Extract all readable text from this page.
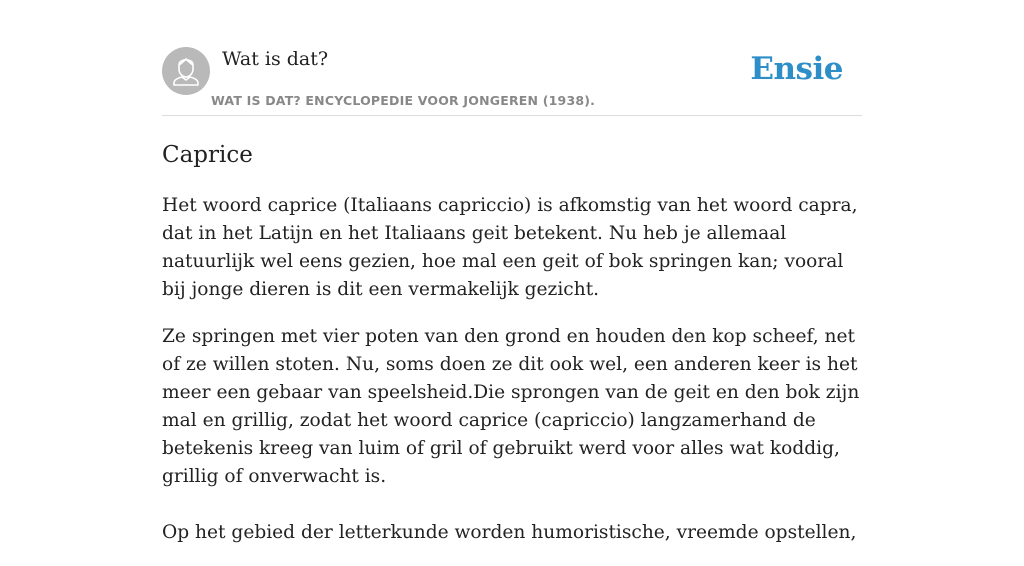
Wat is dat?
WAT IS DAT? ENCYCLOPEDIE VOOR JONGEREN (1938).
Ensie
Caprice

Het woord caprice (Italiaans capriccio) is afkomstig van het woord capra, dat in het Latijn en het Italiaans geit betekent. Nu heb je allemaal natuurlijk wel eens gezien, hoe mal een geit of bok springen kan; vooral bij jonge dieren is dit een vermakelijk gezicht.

Ze springen met vier poten van den grond en houden den kop scheef, net of ze willen stoten. Nu, soms doen ze dit ook wel, een anderen keer is het meer een gebaar van speelsheid.Die sprongen van de geit en den bok zijn mal en grillig, zodat het woord caprice (capriccio) langzamerhand de betekenis kreeg van luim of gril of gebruikt werd voor alles wat koddig, grillig of onverwacht is.

Op het gebied der letterkunde worden humoristische, vreemde opstellen,
